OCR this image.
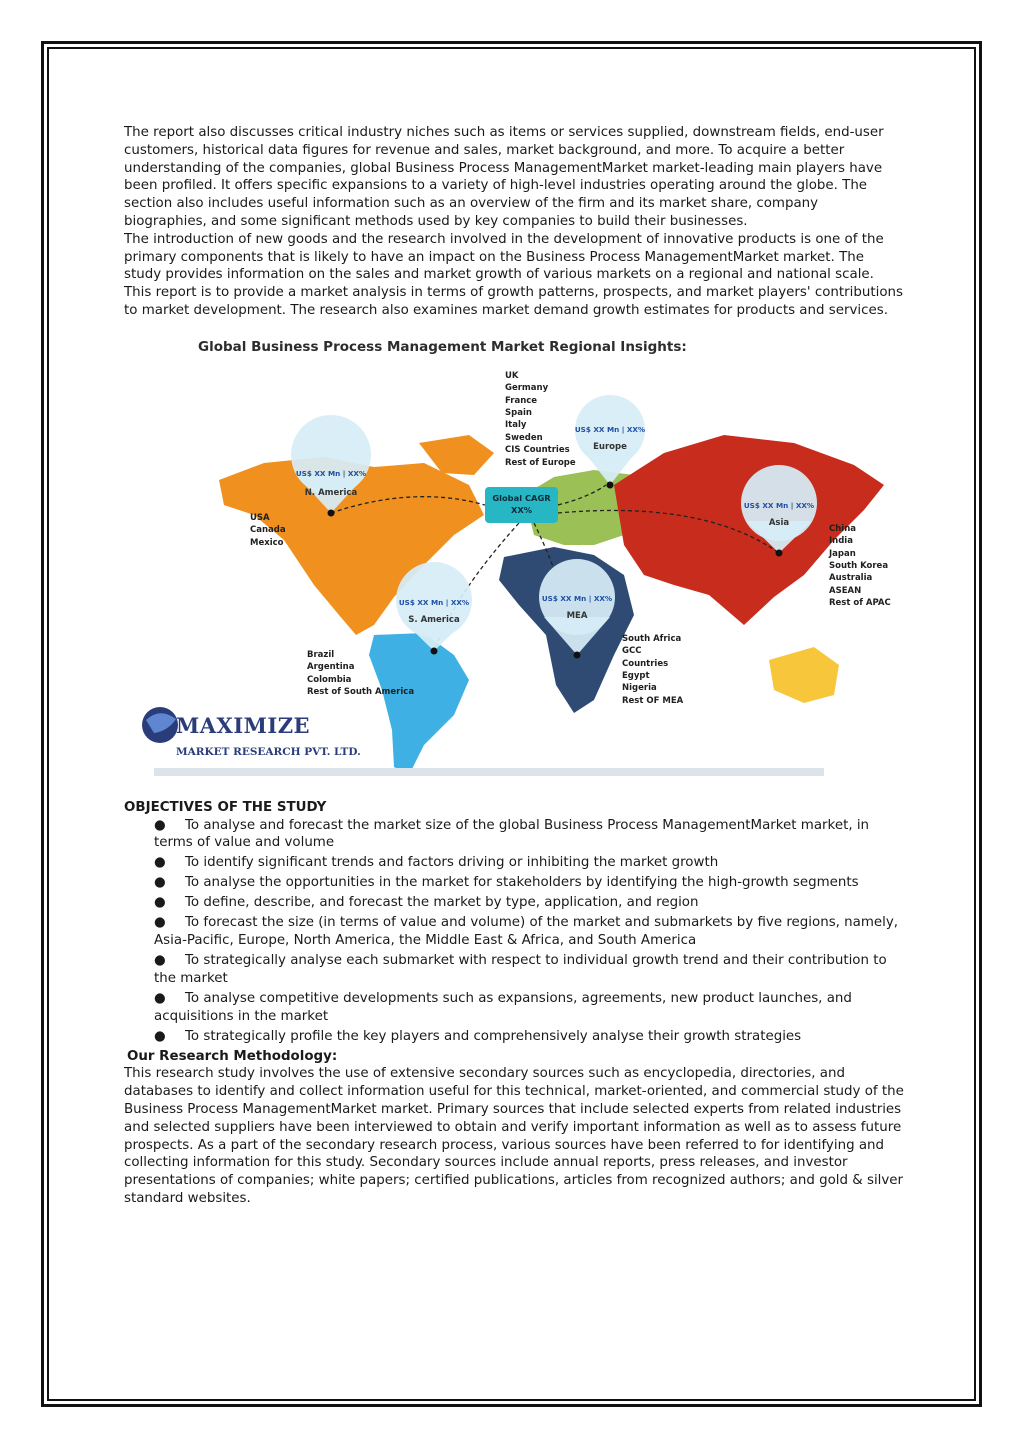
The report also discusses critical industry niches such as items or services supplied, downstream fields, end-user customers, historical data figures for revenue and sales, market background, and more. To acquire a better understanding of the companies, global Business Process ManagementMarket market-leading main players have been profiled. It offers specific expansions to a variety of high-level industries operating around the globe. The section also includes useful information such as an overview of the firm and its market share, company biographies, and some significant methods used by key companies to build their businesses.

The introduction of new goods and the research involved in the development of innovative products is one of the primary components that is likely to have an impact on the Business Process ManagementMarket market. The study provides information on the sales and market growth of various markets on a regional and national scale. This report is to provide a market analysis in terms of growth patterns, prospects, and market players' contributions to market development. The research also examines market demand growth estimates for products and services.

Global Business Process Management Market Regional Insights:
US$ XX Mn | XX%
N. America
US$ XX Mn | XX%
Europe
US$ XX Mn | XX%
Asia
US$ XX Mn | XX%
S. America
US$ XX Mn | XX%
MEA
Global CAGR
XX%
UK
Germany
France
Spain
Italy
Sweden
CIS Countries
Rest of Europe
USA
Canada
Mexico
China
India
Japan
South Korea
Australia
ASEAN
Rest of APAC
Brazil
Argentina
Colombia
Rest of South America
South Africa
GCC
Countries
Egypt
Nigeria
Rest OF MEA
MAXIMIZE
MARKET RESEARCH PVT. LTD.
OBJECTIVES OF THE STUDY
●	To analyse and forecast the market size of the global Business Process ManagementMarket market, in terms of value and volume
●	To identify significant trends and factors driving or inhibiting the market growth
●	To analyse the opportunities in the market for stakeholders by identifying the high-growth segments
●	To define, describe, and forecast the market by type, application, and region
●	To forecast the size (in terms of value and volume) of the market and submarkets by five regions, namely, Asia-Pacific, Europe, North America, the Middle East & Africa, and South America
●	To strategically analyse each submarket with respect to individual growth trend and their contribution to the market
●	To analyse competitive developments such as expansions, agreements, new product launches, and acquisitions in the market
●	To strategically profile the key players and comprehensively analyse their growth strategies
Our Research Methodology:

This research study involves the use of extensive secondary sources such as encyclopedia, directories, and databases to identify and collect information useful for this technical, market-oriented, and commercial study of the Business Process ManagementMarket market. Primary sources that include selected experts from related industries and selected suppliers have been interviewed to obtain and verify important information as well as to assess future prospects. As a part of the secondary research process, various sources have been referred to for identifying and collecting information for this study. Secondary sources include annual reports, press releases, and investor presentations of companies; white papers; certified publications, articles from recognized authors; and gold & silver standard websites.
